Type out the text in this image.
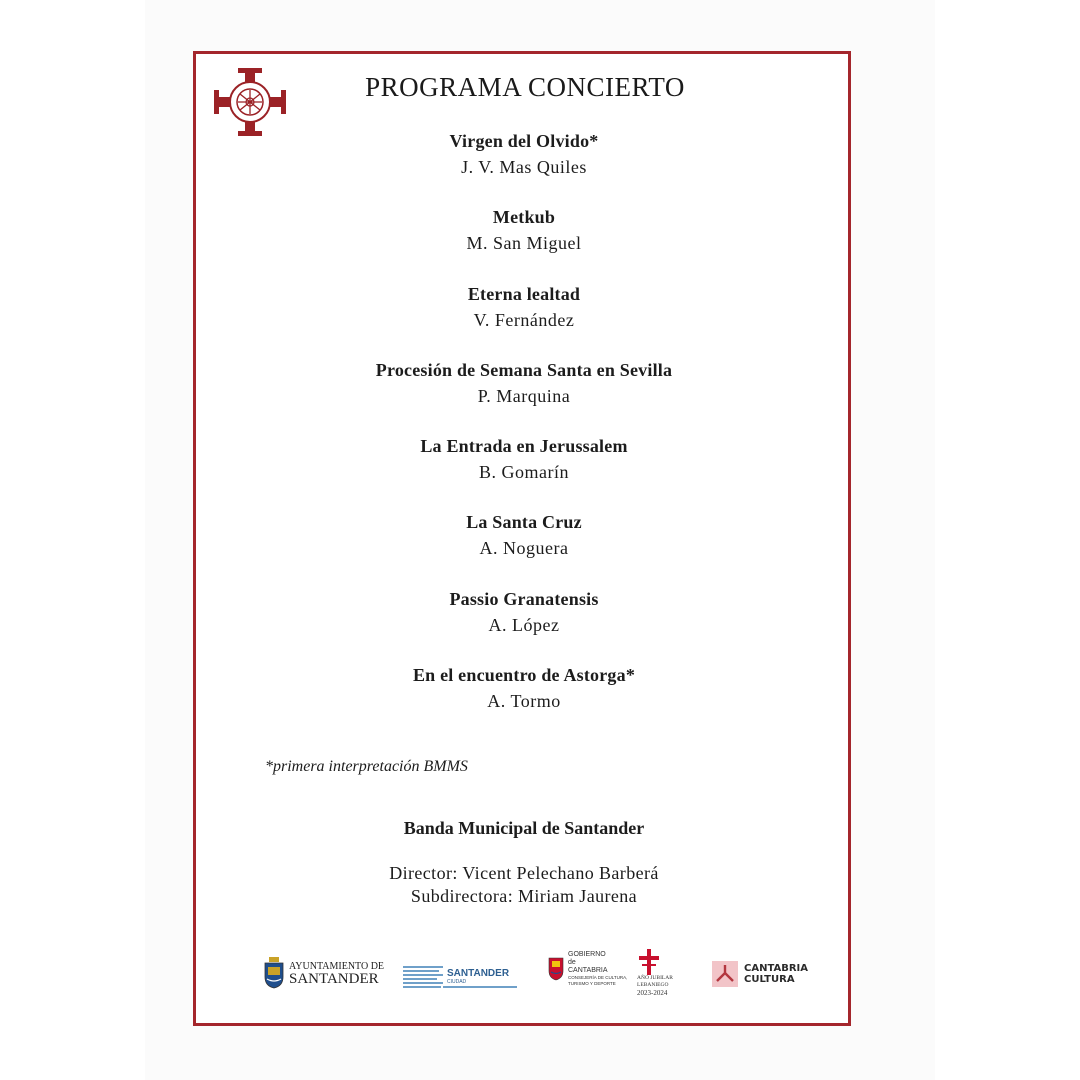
PROGRAMA CONCIERTO
Virgen del Olvido*
J. V. Mas Quiles
Metkub
M. San Miguel
Eterna lealtad
V. Fernández
Procesión de Semana Santa en Sevilla
P. Marquina
La Entrada en Jerussalem
B. Gomarín
La Santa Cruz
A. Noguera
Passio Granatensis
A. López
En el encuentro de Astorga*
A. Tormo
*primera interpretación BMMS
Banda Municipal de Santander
Director: Vicent Pelechano Barberá
Subdirectora: Miriam Jaurena
AYUNTAMIENTO DE
SANTANDER	SANTANDER
CIUDAD
GOBIERNO
de
CANTABRIA
CONSEJERÍA DE CULTURA,
TURISMO Y DEPORTE
AÑO JUBILAR
LEBANIEGO
2023-2024
CANTABRIA
CULTURA
